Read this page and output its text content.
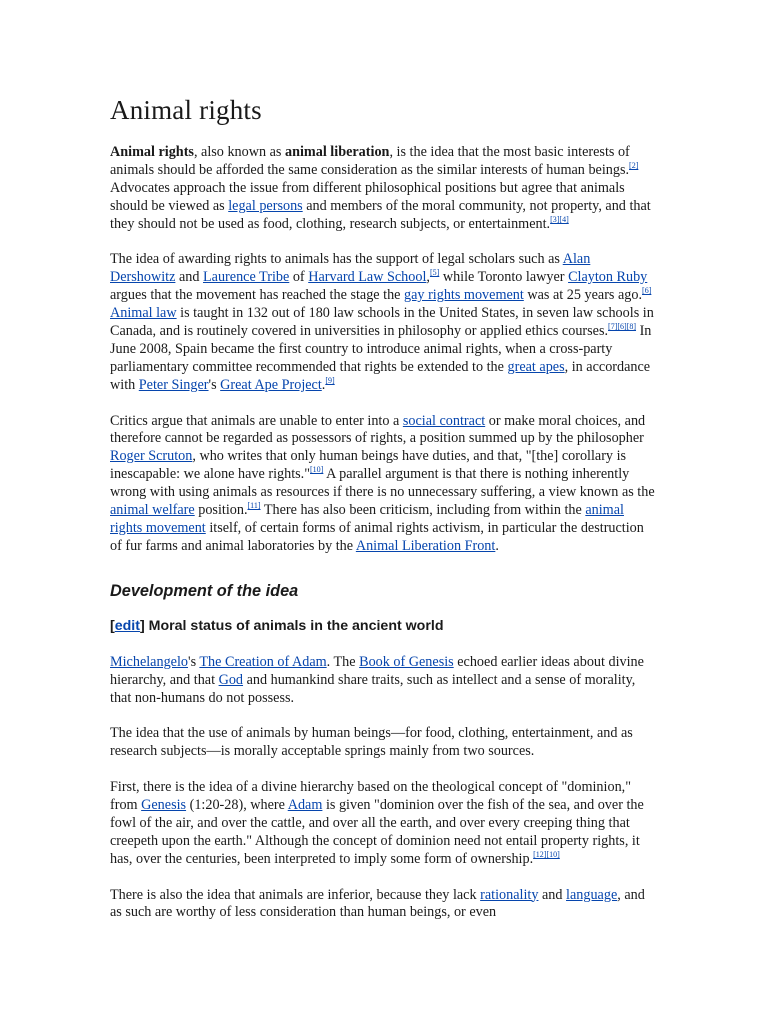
Animal rights

Animal rights, also known as animal liberation, is the idea that the most basic interests of animals should be afforded the same consideration as the similar interests of human beings.[2] Advocates approach the issue from different philosophical positions but agree that animals should be viewed as legal persons and members of the moral community, not property, and that they should not be used as food, clothing, research subjects, or entertainment.[3][4]

The idea of awarding rights to animals has the support of legal scholars such as Alan Dershowitz and Laurence Tribe of Harvard Law School,[5] while Toronto lawyer Clayton Ruby argues that the movement has reached the stage the gay rights movement was at 25 years ago.[6] Animal law is taught in 132 out of 180 law schools in the United States, in seven law schools in Canada, and is routinely covered in universities in philosophy or applied ethics courses.[7][6][8] In June 2008, Spain became the first country to introduce animal rights, when a cross-party parliamentary committee recommended that rights be extended to the great apes, in accordance with Peter Singer's Great Ape Project.[9]

Critics argue that animals are unable to enter into a social contract or make moral choices, and therefore cannot be regarded as possessors of rights, a position summed up by the philosopher Roger Scruton, who writes that only human beings have duties, and that, "[the] corollary is inescapable: we alone have rights."[10] A parallel argument is that there is nothing inherently wrong with using animals as resources if there is no unnecessary suffering, a view known as the animal welfare position.[11] There has also been criticism, including from within the animal rights movement itself, of certain forms of animal rights activism, in particular the destruction of fur farms and animal laboratories by the Animal Liberation Front.

Development of the idea
[edit] Moral status of animals in the ancient world

Michelangelo's The Creation of Adam. The Book of Genesis echoed earlier ideas about divine hierarchy, and that God and humankind share traits, such as intellect and a sense of morality, that non-humans do not possess.

The idea that the use of animals by human beings—for food, clothing, entertainment, and as research subjects—is morally acceptable springs mainly from two sources.

First, there is the idea of a divine hierarchy based on the theological concept of "dominion," from Genesis (1:20-28), where Adam is given "dominion over the fish of the sea, and over the fowl of the air, and over the cattle, and over all the earth, and over every creeping thing that creepeth upon the earth." Although the concept of dominion need not entail property rights, it has, over the centuries, been interpreted to imply some form of ownership.[12][10]

There is also the idea that animals are inferior, because they lack rationality and language, and as such are worthy of less consideration than human beings, or even
